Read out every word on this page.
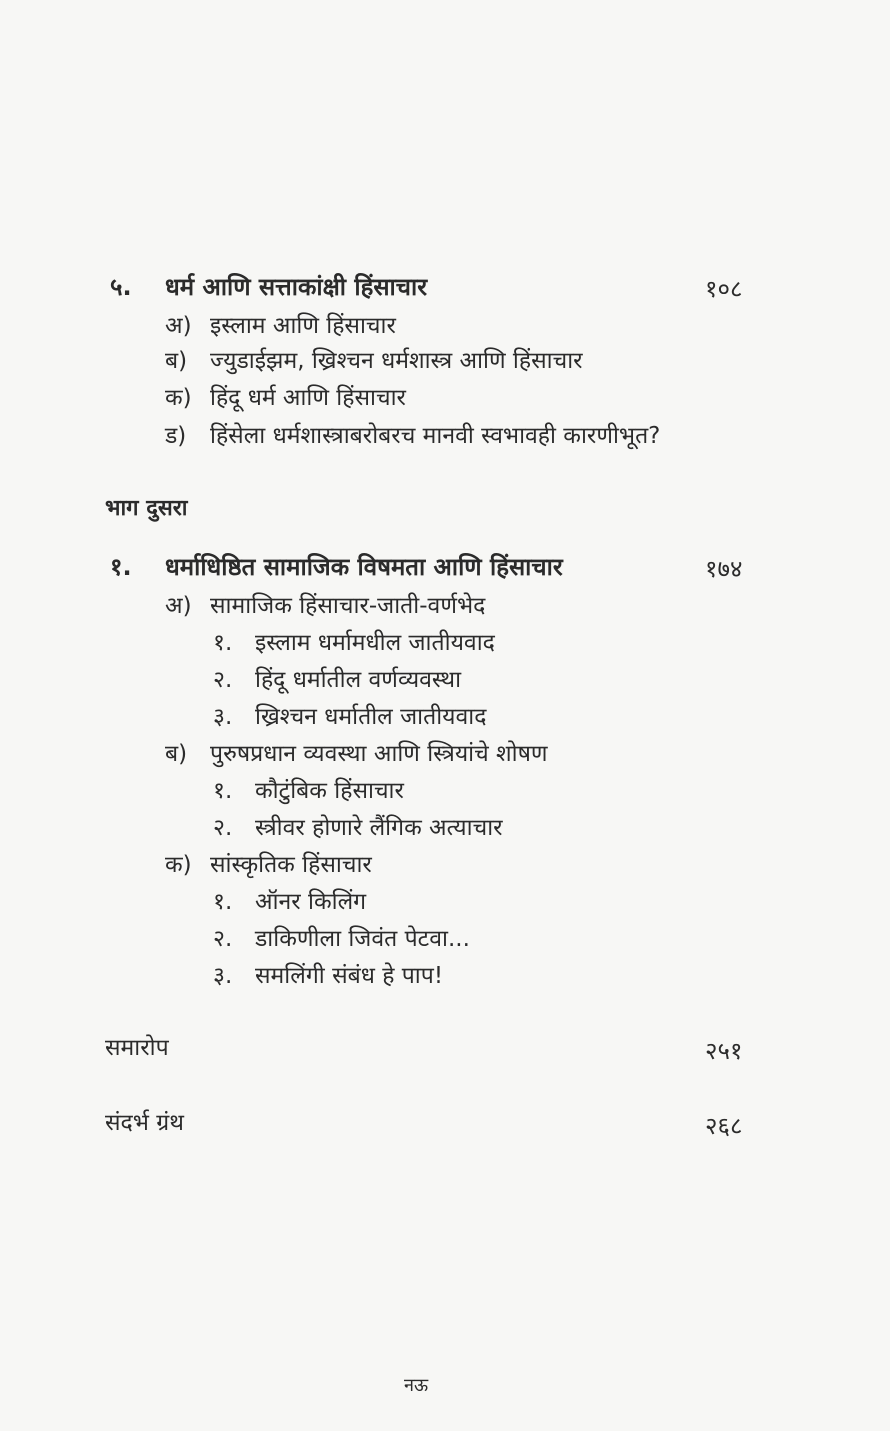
५. धर्म आणि सत्ताकांक्षी हिंसाचार	१०८
अ) इस्लाम आणि हिंसाचार
ब) ज्युडाईझम, ख्रिश्चन धर्मशास्त्र आणि हिंसाचार
क) हिंदू धर्म आणि हिंसाचार
ड) हिंसेला धर्मशास्त्राबरोबरच मानवी स्वभावही कारणीभूत?
भाग दुसरा
१. धर्माधिष्ठित सामाजिक विषमता आणि हिंसाचार	१७४
अ) सामाजिक हिंसाचार-जाती-वर्णभेद
१. इस्लाम धर्मामधील जातीयवाद
२. हिंदू धर्मातील वर्णव्यवस्था
३. ख्रिश्चन धर्मातील जातीयवाद
ब) पुरुषप्रधान व्यवस्था आणि स्त्रियांचे शोषण
१. कौटुंबिक हिंसाचार
२. स्त्रीवर होणारे लैंगिक अत्याचार
क) सांस्कृतिक हिंसाचार
१. ऑनर किलिंग
२. डाकिणीला जिवंत पेटवा...
३. समलिंगी संबंध हे पाप!
समारोप	२५१
संदर्भ ग्रंथ	२६८
नऊ
